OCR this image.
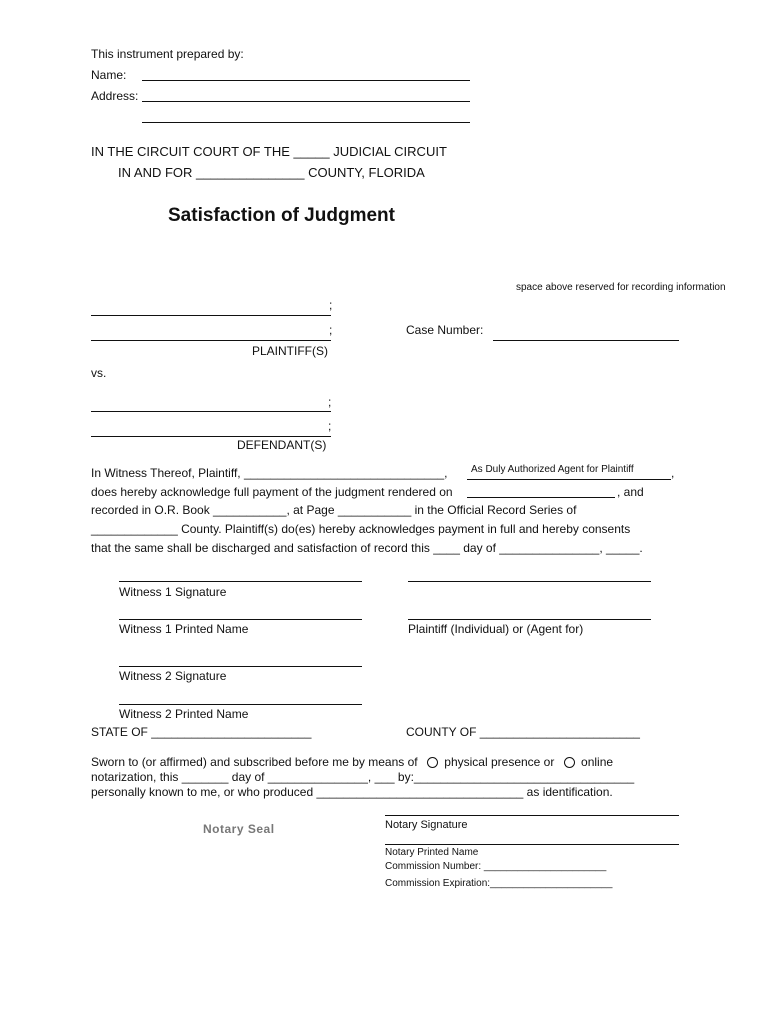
This instrument prepared by:
Name:
Address:
IN THE CIRCUIT COURT OF THE _____ JUDICIAL CIRCUIT
IN AND FOR _______________ COUNTY, FLORIDA
Satisfaction of Judgment
space above reserved for recording information
;
;	Case Number:
PLAINTIFF(S)
vs.
;
;
DEFENDANT(S)
In Witness Thereof, Plaintiff, ______________________________, As Duly Authorized Agent for Plaintiff	,
does hereby acknowledge full payment of the judgment rendered on	, and
recorded in O.R. Book ___________, at Page ___________ in the Official Record Series of
_____________ County. Plaintiff(s) do(es) hereby acknowledges payment in full and hereby consents
that the same shall be discharged and satisfaction of record this ____ day of _______________, _____.
Witness 1 Signature
Witness 1 Printed Name	Plaintiff (Individual) or (Agent for)
Witness 2 Signature
Witness 2 Printed Name
STATE OF ________________________	COUNTY OF ________________________
Sworn to (or affirmed) and subscribed before me by means of physical presence or online
notarization, this _______ day of _______________, ___ by:_________________________________
personally known to me, or who produced _______________________________ as identification.
Notary Seal	Notary Signature
Notary Printed Name
Commission Number: ______________________
Commission Expiration:______________________
